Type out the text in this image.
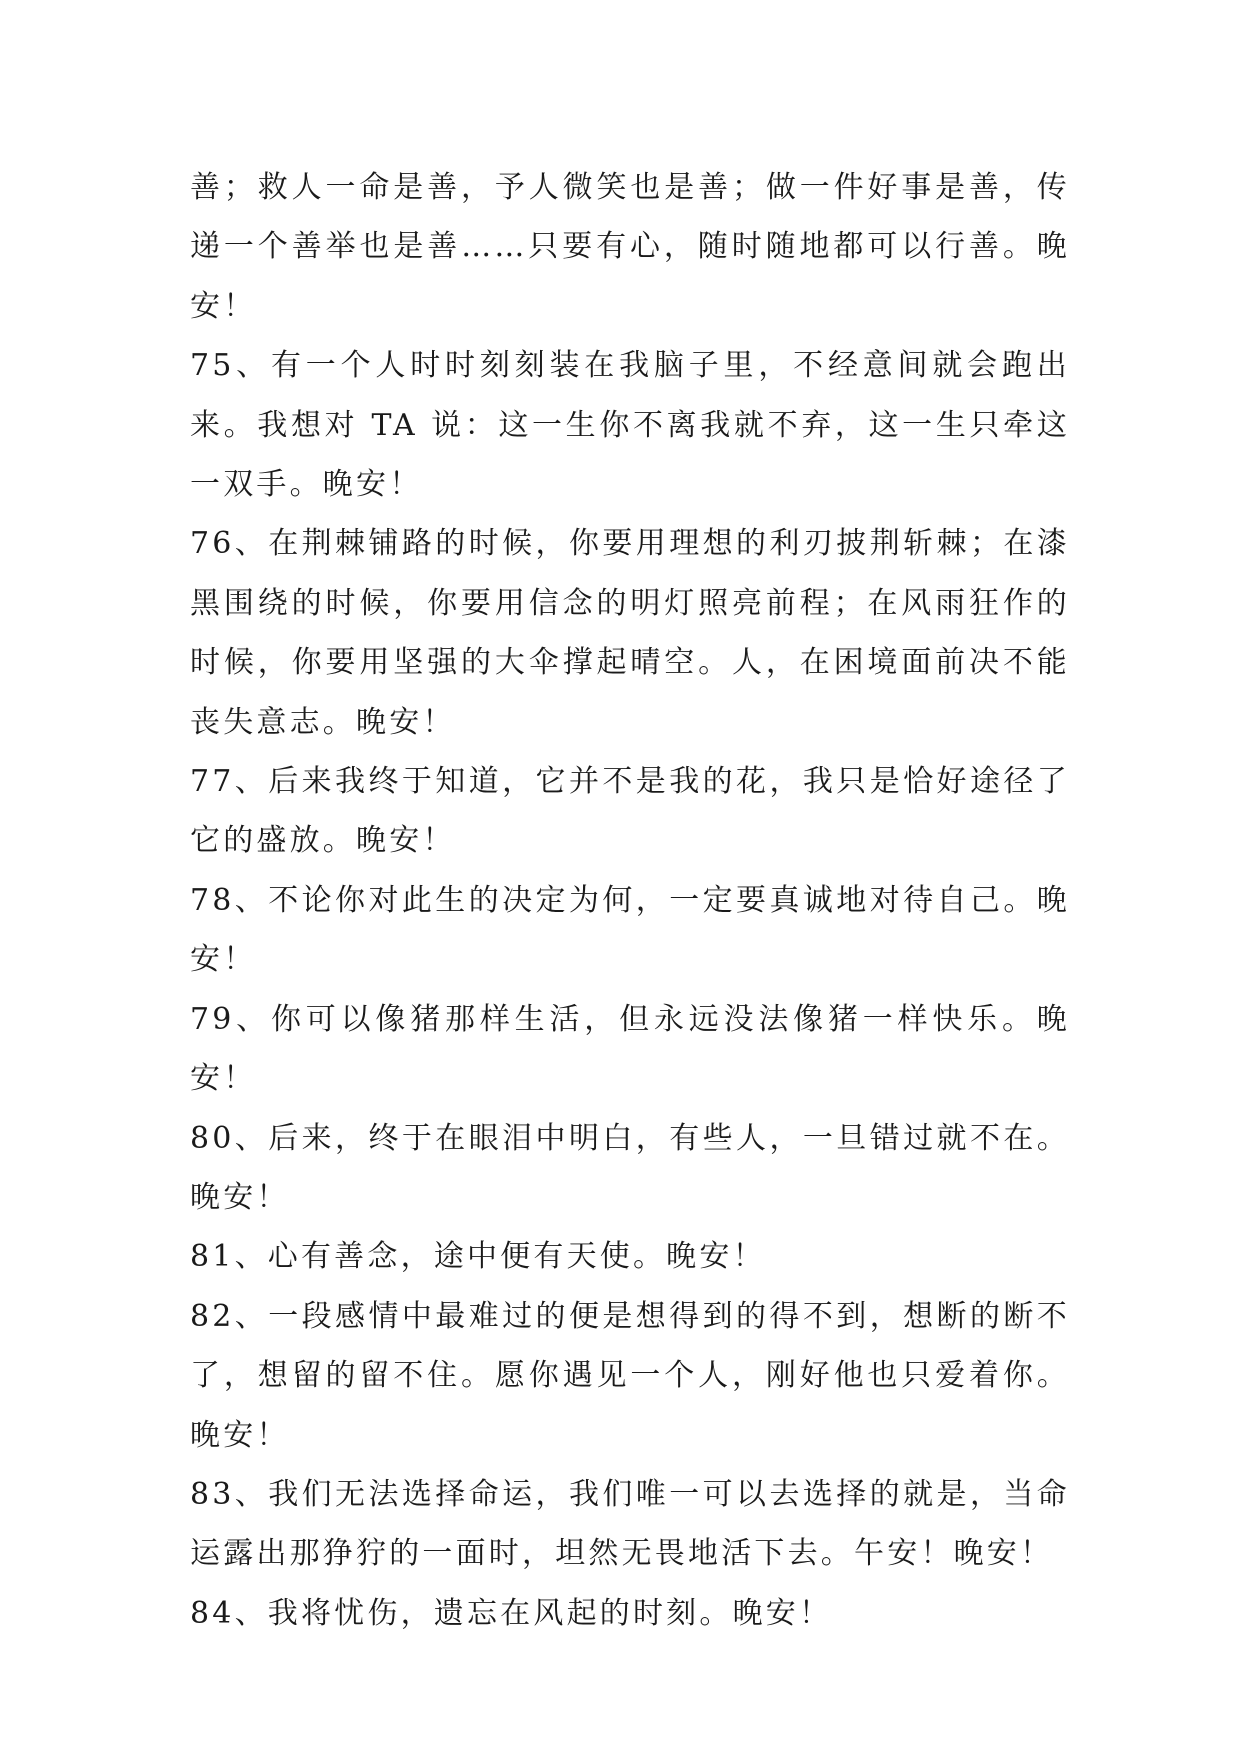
善；救人一命是善，予人微笑也是善；做一件好事是善，传递一个善举也是善……只要有心，随时随地都可以行善。晚安！

75、有一个人时时刻刻装在我脑子里，不经意间就会跑出来。我想对 TA 说：这一生你不离我就不弃，这一生只牵这一双手。晚安！

76、在荆棘铺路的时候，你要用理想的利刃披荆斩棘；在漆黑围绕的时候，你要用信念的明灯照亮前程；在风雨狂作的时候，你要用坚强的大伞撑起晴空。人，在困境面前决不能丧失意志。晚安！

77、后来我终于知道，它并不是我的花，我只是恰好途径了它的盛放。晚安！

78、不论你对此生的决定为何，一定要真诚地对待自己。晚安！

79、你可以像猪那样生活，但永远没法像猪一样快乐。晚安！

80、后来，终于在眼泪中明白，有些人，一旦错过就不在。晚安！

81、心有善念，途中便有天使。晚安！

82、一段感情中最难过的便是想得到的得不到，想断的断不了，想留的留不住。愿你遇见一个人，刚好他也只爱着你。晚安！

83、我们无法选择命运，我们唯一可以去选择的就是，当命运露出那狰狞的一面时，坦然无畏地活下去。午安！晚安！

84、我将忧伤，遗忘在风起的时刻。晚安！
